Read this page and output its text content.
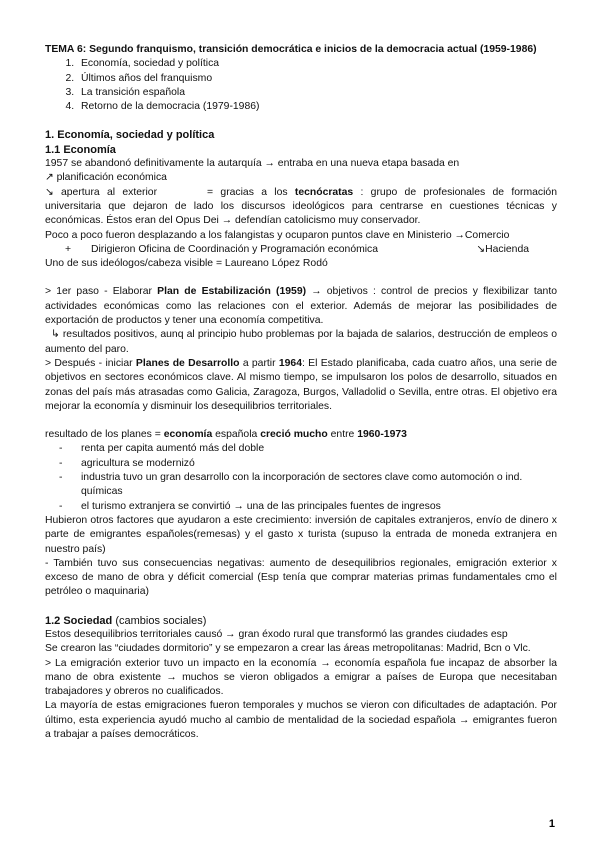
TEMA 6: Segundo franquismo, transición democrática e inicios de la democracia actual (1959-1986)

1. Economía, sociedad y política
2. Últimos años del franquismo
3. La transición española
4. Retorno de la democracia (1979-1986)

1. Economía, sociedad y política

1.1 Economía

1957 se abandonó definitivamente la autarquía → entraba en una nueva etapa basada en

↗ planificación económica

↘ apertura al exterior	= gracias a los tecnócratas : grupo de profesionales de formación universitaria que dejaron de lado los discursos ideológicos para centrarse en cuestiones técnicas y económicas. Éstos eran del Opus Dei → defendían catolicismo muy conservador.

Poco a poco fueron desplazando a los falangistas y ocuparon puntos clave en Ministerio →Comercio

+ Dirigieron Oficina de Coordinación y Programación económica	↘Hacienda

Uno de sus ideólogos/cabeza visible = Laureano López Rodó

> 1er paso - Elaborar Plan de Estabilización (1959) → objetivos : control de precios y flexibilizar tanto actividades económicas como las relaciones con el exterior. Además de mejorar las posibilidades de exportación de productos y tener una economía competitiva.

↳ resultados positivos, aunq al principio hubo problemas por la bajada de salarios, destrucción de empleos o aumento del paro.

> Después - iniciar Planes de Desarrollo a partir 1964: El Estado planificaba, cada cuatro años, una serie de objetivos en sectores económicos clave. Al mismo tiempo, se impulsaron los polos de desarrollo, situados en zonas del país más atrasadas como Galicia, Zaragoza, Burgos, Valladolid o Sevilla, entre otras. El objetivo era mejorar la economía y disminuir los desequilibrios territoriales.

resultado de los planes = economía española creció mucho entre 1960-1973

- renta per capita aumentó más del doble
- agricultura se modernizó
- industria tuvo un gran desarrollo con la incorporación de sectores clave como automoción o ind. químicas
- el turismo extranjera se convirtió → una de las principales fuentes de ingresos

Hubieron otros factores que ayudaron a este crecimiento: inversión de capitales extranjeros, envío de dinero x parte de emigrantes españoles(remesas) y el gasto x turista (supuso la entrada de moneda extranjera en nuestro país)

- También tuvo sus consecuencias negativas: aumento de desequilibrios regionales, emigración exterior x exceso de mano de obra y déficit comercial (Esp tenía que comprar materias primas fundamentales cmo el petróleo o maquinaria)

1.2 Sociedad (cambios sociales)

Estos desequilibrios territoriales causó → gran éxodo rural que transformó las grandes ciudades esp

Se crearon las “ciudades dormitorio” y se empezaron a crear las áreas metropolitanas: Madrid, Bcn o Vlc.

> La emigración exterior tuvo un impacto en la economía → economía española fue incapaz de absorber la mano de obra existente → muchos se vieron obligados a emigrar a países de Europa que necesitaban trabajadores y obreros no cualificados.

La mayoría de estas emigraciones fueron temporales y muchos se vieron con dificultades de adaptación. Por último, esta experiencia ayudó mucho al cambio de mentalidad de la sociedad española → emigrantes fueron a trabajar a países democráticos.

1
